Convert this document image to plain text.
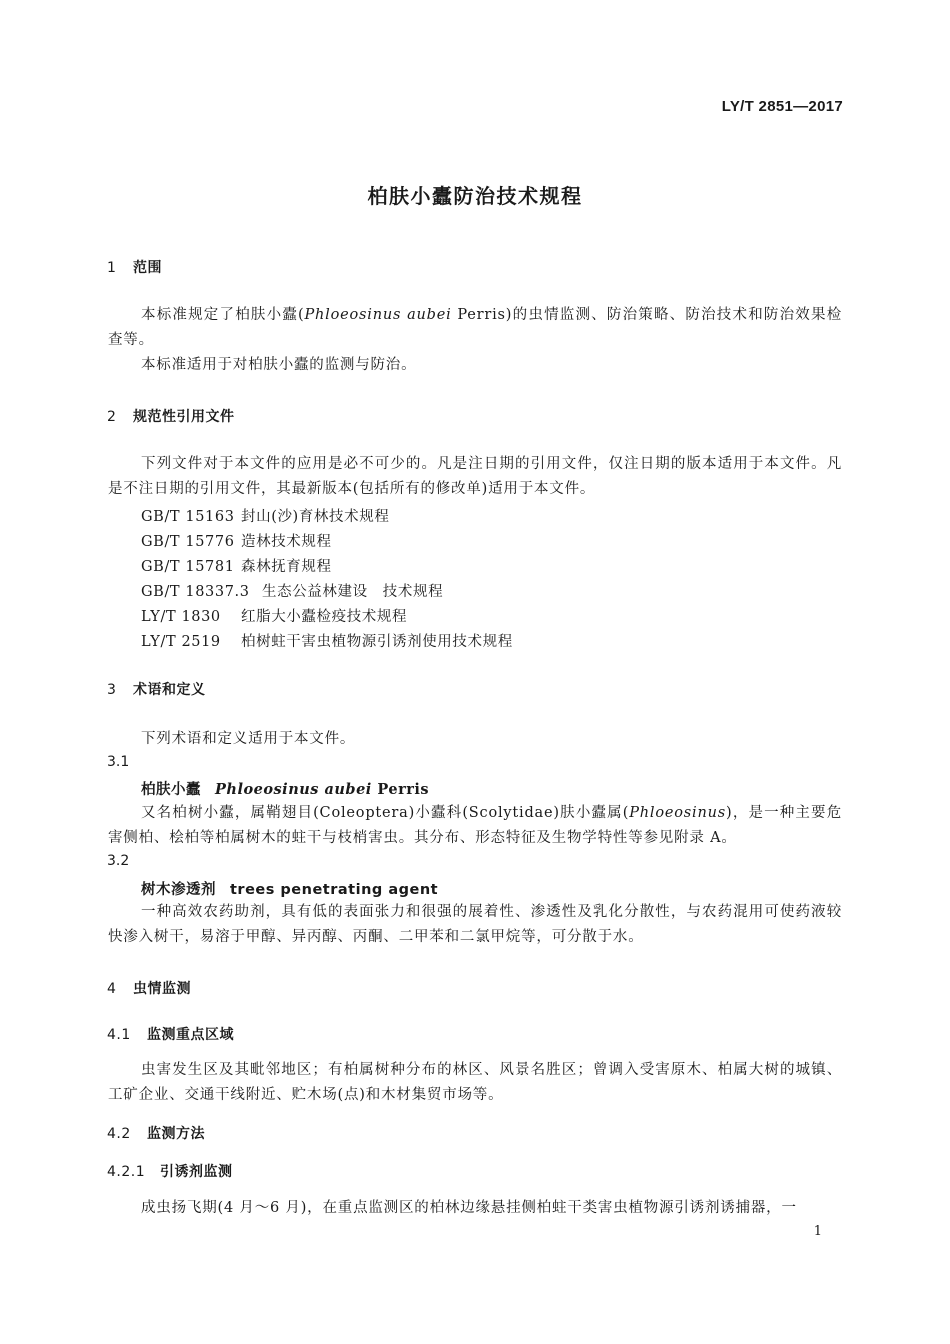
LY/T 2851—2017
柏肤小蠹防治技术规程
1 范围
本标准规定了柏肤小蠹(Phloeosinus aubei Perris)的虫情监测、防治策略、防治技术和防治效果检查等。
本标准适用于对柏肤小蠹的监测与防治。
2 规范性引用文件
下列文件对于本文件的应用是必不可少的。凡是注日期的引用文件，仅注日期的版本适用于本文件。凡是不注日期的引用文件，其最新版本(包括所有的修改单)适用于本文件。
GB/T 15163 封山(沙)育林技术规程
GB/T 15776 造林技术规程
GB/T 15781 森林抚育规程
GB/T 18337.3 生态公益林建设　技术规程
LY/T 1830 红脂大小蠹检疫技术规程
LY/T 2519 柏树蛀干害虫植物源引诱剂使用技术规程
3 术语和定义
下列术语和定义适用于本文件。
3.1
柏肤小蠹 Phloeosinus aubei Perris
又名柏树小蠹，属鞘翅目(Coleoptera)小蠹科(Scolytidae)肤小蠹属(Phloeosinus)，是一种主要危害侧柏、桧柏等柏属树木的蛀干与枝梢害虫。其分布、形态特征及生物学特性等参见附录 A。
3.2
树木渗透剂 trees penetrating agent
一种高效农药助剂，具有低的表面张力和很强的展着性、渗透性及乳化分散性，与农药混用可使药液较快渗入树干，易溶于甲醇、异丙醇、丙酮、二甲苯和二氯甲烷等，可分散于水。
4 虫情监测
4.1 监测重点区域
虫害发生区及其毗邻地区；有柏属树种分布的林区、风景名胜区；曾调入受害原木、柏属大树的城镇、工矿企业、交通干线附近、贮木场(点)和木材集贸市场等。
4.2 监测方法
4.2.1 引诱剂监测
成虫扬飞期(4 月～6 月)，在重点监测区的柏林边缘悬挂侧柏蛀干类害虫植物源引诱剂诱捕器，一
1
